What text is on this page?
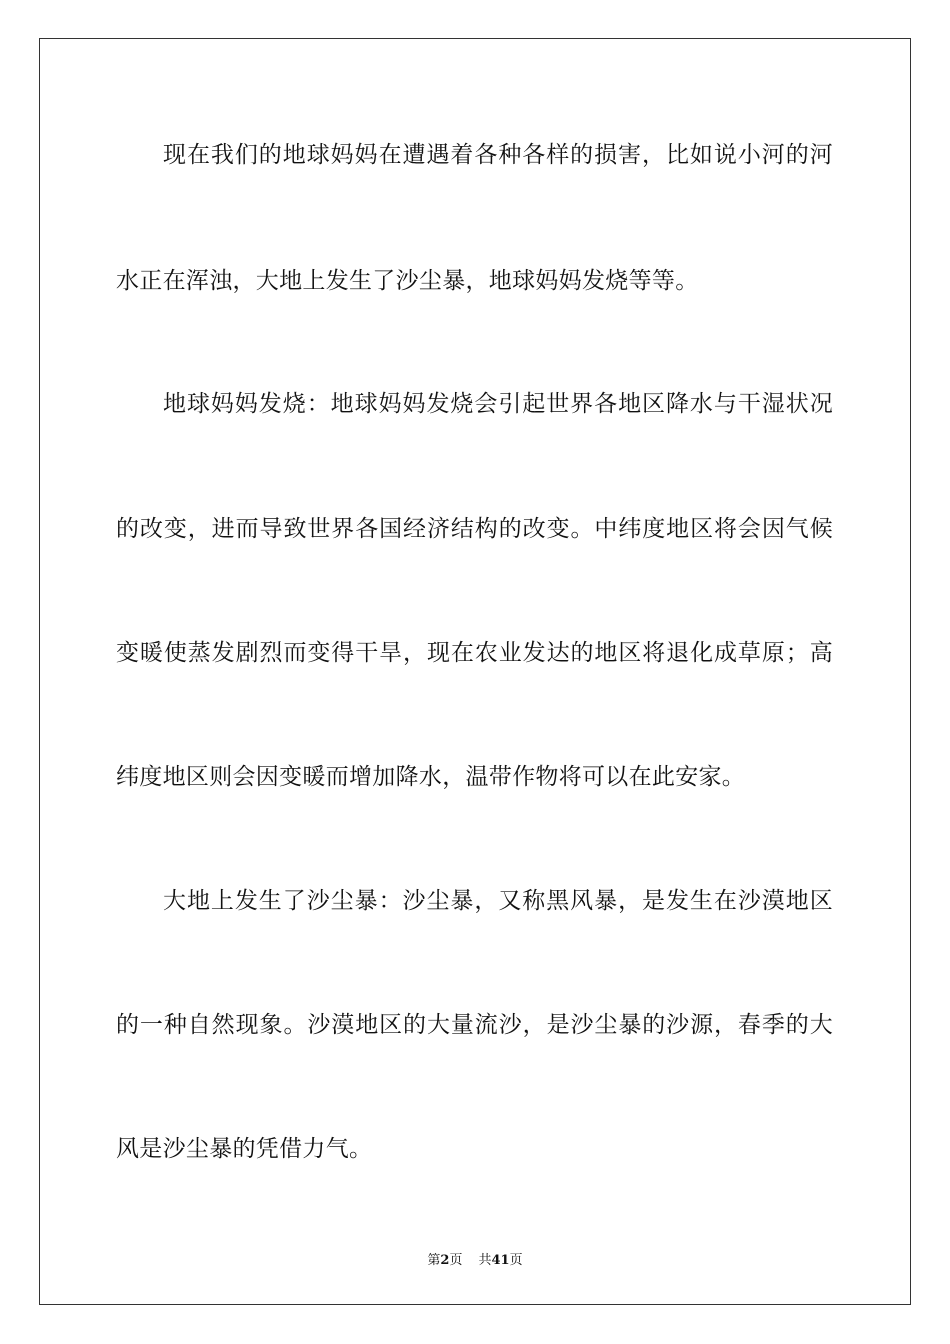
现在我们的地球妈妈在遭遇着各种各样的损害，比如说小河的河
水正在浑浊，大地上发生了沙尘暴，地球妈妈发烧等等。
地球妈妈发烧：地球妈妈发烧会引起世界各地区降水与干湿状况
的改变，进而导致世界各国经济结构的改变。中纬度地区将会因气候
变暖使蒸发剧烈而变得干旱，现在农业发达的地区将退化成草原；高
纬度地区则会因变暖而增加降水，温带作物将可以在此安家。
大地上发生了沙尘暴：沙尘暴，又称黑风暴，是发生在沙漠地区
的一种自然现象。沙漠地区的大量流沙，是沙尘暴的沙源，春季的大
风是沙尘暴的凭借力气。
第2页 共41页
